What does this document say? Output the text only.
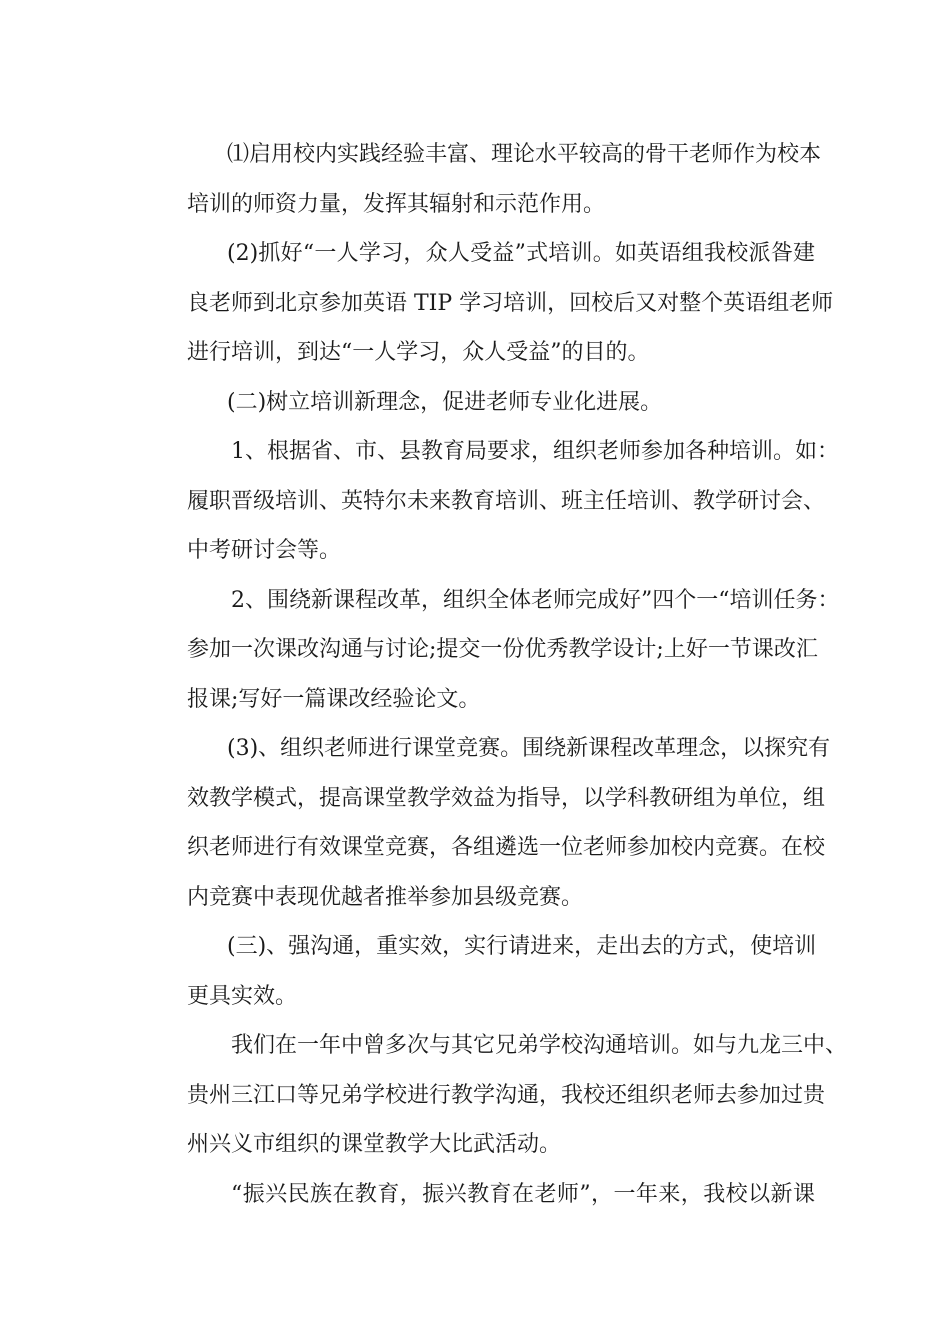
⑴启用校内实践经验丰富、理论水平较高的骨干老师作为校本
培训的师资力量，发挥其辐射和示范作用。
(2)抓好“一人学习，众人受益”式培训。如英语组我校派昝建
良老师到北京参加英语 TIP 学习培训，回校后又对整个英语组老师
进行培训，到达“一人学习，众人受益”的目的。
(二)树立培训新理念，促进老师专业化进展。
1、根据省、市、县教育局要求，组织老师参加各种培训。如：
履职晋级培训、英特尔未来教育培训、班主任培训、教学研讨会、
中考研讨会等。
2、围绕新课程改革，组织全体老师完成好”四个一“培训任务：
参加一次课改沟通与讨论;提交一份优秀教学设计;上好一节课改汇
报课;写好一篇课改经验论文。
(3)、组织老师进行课堂竞赛。围绕新课程改革理念，以探究有
效教学模式，提高课堂教学效益为指导，以学科教研组为单位，组
织老师进行有效课堂竞赛，各组遴选一位老师参加校内竞赛。在校
内竞赛中表现优越者推举参加县级竞赛。
(三)、强沟通，重实效，实行请进来，走出去的方式，使培训
更具实效。
我们在一年中曾多次与其它兄弟学校沟通培训。如与九龙三中、
贵州三江口等兄弟学校进行教学沟通，我校还组织老师去参加过贵
州兴义市组织的课堂教学大比武活动。
“振兴民族在教育，振兴教育在老师”，一年来，我校以新课
